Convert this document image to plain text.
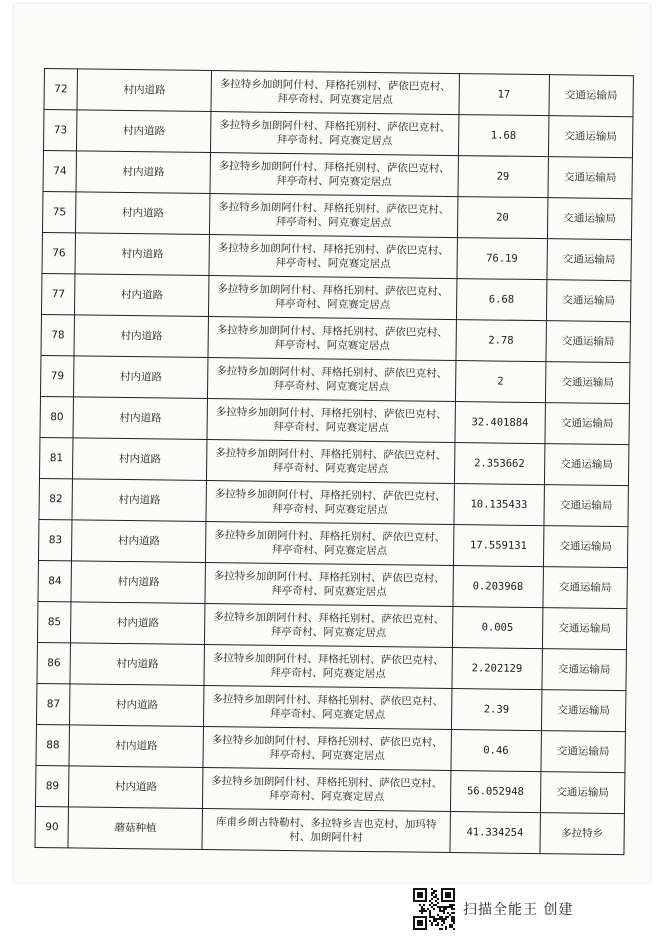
72	村内道路	多拉特乡加朗阿什村、拜格托别村、萨依巴克村、拜亭奇村、阿克赛定居点	17	交通运输局
73	村内道路	多拉特乡加朗阿什村、拜格托别村、萨依巴克村、拜亭奇村、阿克赛定居点	1.68	交通运输局
74	村内道路	多拉特乡加朗阿什村、拜格托别村、萨依巴克村、拜亭奇村、阿克赛定居点	29	交通运输局
75	村内道路	多拉特乡加朗阿什村、拜格托别村、萨依巴克村、拜亭奇村、阿克赛定居点	20	交通运输局
76	村内道路	多拉特乡加朗阿什村、拜格托别村、萨依巴克村、拜亭奇村、阿克赛定居点	76.19	交通运输局
77	村内道路	多拉特乡加朗阿什村、拜格托别村、萨依巴克村、拜亭奇村、阿克赛定居点	6.68	交通运输局
78	村内道路	多拉特乡加朗阿什村、拜格托别村、萨依巴克村、拜亭奇村、阿克赛定居点	2.78	交通运输局
79	村内道路	多拉特乡加朗阿什村、拜格托别村、萨依巴克村、拜亭奇村、阿克赛定居点	2	交通运输局
80	村内道路	多拉特乡加朗阿什村、拜格托别村、萨依巴克村、拜亭奇村、阿克赛定居点	32.401884	交通运输局
81	村内道路	多拉特乡加朗阿什村、拜格托别村、萨依巴克村、拜亭奇村、阿克赛定居点	2.353662	交通运输局
82	村内道路	多拉特乡加朗阿什村、拜格托别村、萨依巴克村、拜亭奇村、阿克赛定居点	10.135433	交通运输局
83	村内道路	多拉特乡加朗阿什村、拜格托别村、萨依巴克村、拜亭奇村、阿克赛定居点	17.559131	交通运输局
84	村内道路	多拉特乡加朗阿什村、拜格托别村、萨依巴克村、拜亭奇村、阿克赛定居点	0.203968	交通运输局
85	村内道路	多拉特乡加朗阿什村、拜格托别村、萨依巴克村、拜亭奇村、阿克赛定居点	0.005	交通运输局
86	村内道路	多拉特乡加朗阿什村、拜格托别村、萨依巴克村、拜亭奇村、阿克赛定居点	2.202129	交通运输局
87	村内道路	多拉特乡加朗阿什村、拜格托别村、萨依巴克村、拜亭奇村、阿克赛定居点	2.39	交通运输局
88	村内道路	多拉特乡加朗阿什村、拜格托别村、萨依巴克村、拜亭奇村、阿克赛定居点	0.46	交通运输局
89	村内道路	多拉特乡加朗阿什村、拜格托别村、萨依巴克村、拜亭奇村、阿克赛定居点	56.052948	交通运输局
90	蘑菇种植	库甫乡朗古特勒村、多拉特乡吉也克村、加玛特村、加朗阿什村	41.334254	多拉特乡
扫描全能王 创建
